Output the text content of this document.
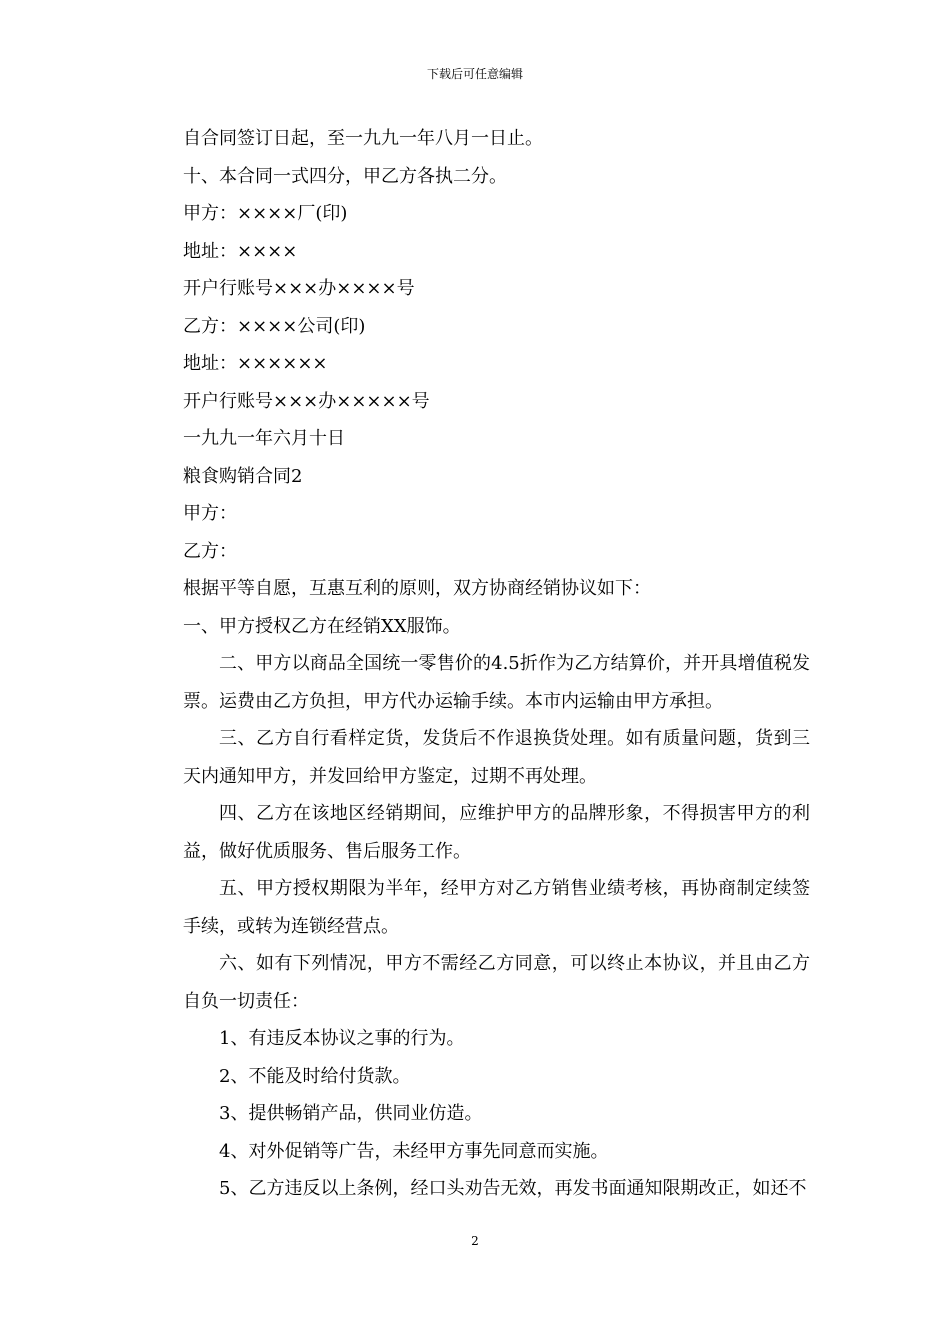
下载后可任意编辑
自合同签订日起，至一九九一年八月一日止。
十、本合同一式四分，甲乙方各执二分。
甲方：××××厂(印)
地址：××××
开户行账号×××办××××号
乙方：××××公司(印)
地址：××××××
开户行账号×××办×××××号
一九九一年六月十日
粮食购销合同2
甲方：
乙方：
根据平等自愿，互惠互利的原则，双方协商经销协议如下：
一、甲方授权乙方在经销XX服饰。

二、甲方以商品全国统一零售价的4.5折作为乙方结算价，并开具增值税发票。运费由乙方负担，甲方代办运输手续。本市内运输由甲方承担。

三、乙方自行看样定货，发货后不作退换货处理。如有质量问题，货到三天内通知甲方，并发回给甲方鉴定，过期不再处理。

四、乙方在该地区经销期间，应维护甲方的品牌形象，不得损害甲方的利益，做好优质服务、售后服务工作。

五、甲方授权期限为半年，经甲方对乙方销售业绩考核，再协商制定续签手续，或转为连锁经营点。

六、如有下列情况，甲方不需经乙方同意，可以终止本协议，并且由乙方自负一切责任：

1、有违反本协议之事的行为。

2、不能及时给付货款。

3、提供畅销产品，供同业仿造。

4、对外促销等广告，未经甲方事先同意而实施。

5、乙方违反以上条例，经口头劝告无效，再发书面通知限期改正，如还不

2
